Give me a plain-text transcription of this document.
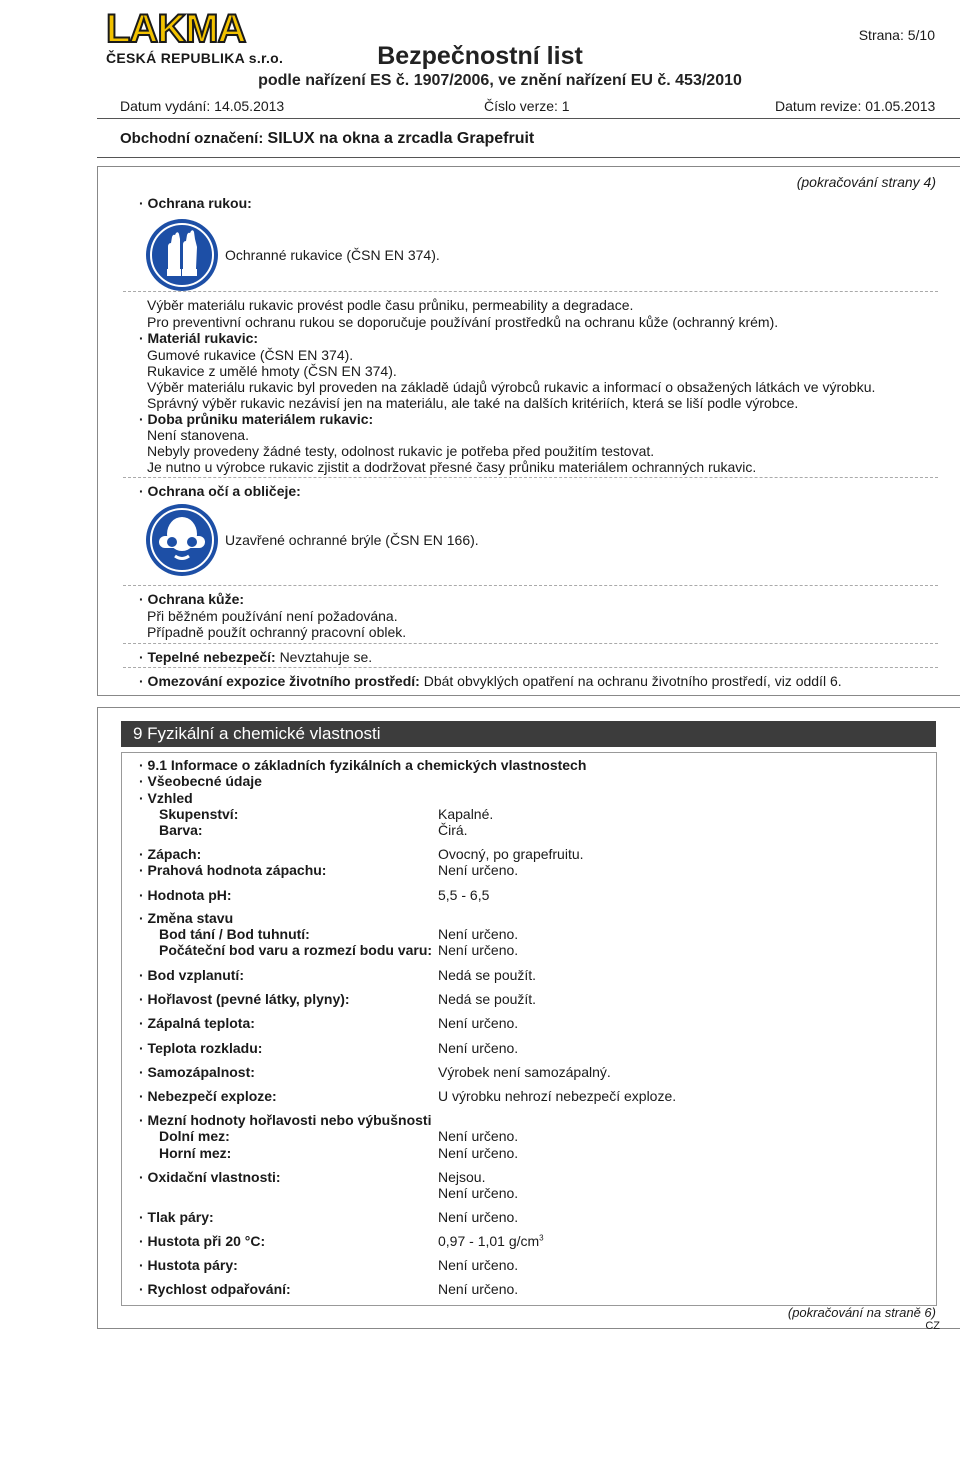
LAKMA
ČESKÁ REPUBLIKA s.r.o.	Bezpečnostní list
podle nařízení ES č. 1907/2006, ve znění nařízení EU č. 453/2010
Strana: 5/10
Datum vydání: 14.05.2013	Číslo verze: 1	Datum revize: 01.05.2013
Obchodní označení: SILUX na okna a zrcadla Grapefruit
(pokračování strany 4)
· Ochrana rukou:
Ochranné rukavice (ČSN EN 374).
Výběr materiálu rukavic provést podle času průniku, permeability a degradace.
Pro preventivní ochranu rukou se doporučuje používání prostředků na ochranu kůže (ochranný krém).
· Materiál rukavic:
Gumové rukavice (ČSN EN 374).
Rukavice z umělé hmoty (ČSN EN 374).
Výběr materiálu rukavic byl proveden na základě údajů výrobců rukavic a informací o obsažených látkách ve výrobku.
Správný výběr rukavic nezávisí jen na materiálu, ale také na dalších kritériích, která se liší podle výrobce.
· Doba průniku materiálem rukavic:
Není stanovena.
Nebyly provedeny žádné testy, odolnost rukavic je potřeba před použitím testovat.
Je nutno u výrobce rukavic zjistit a dodržovat přesné časy průniku materiálem ochranných rukavic.
· Ochrana očí a obličeje:
Uzavřené ochranné brýle (ČSN EN 166).
· Ochrana kůže:
Při běžném používání není požadována.
Případně použít ochranný pracovní oblek.
· Tepelné nebezpečí: Nevztahuje se.
· Omezování expozice životního prostředí: Dbát obvyklých opatření na ochranu životního prostředí, viz oddíl 6.
9 Fyzikální a chemické vlastnosti
· 9.1 Informace o základních fyzikálních a chemických vlastnostech
· Všeobecné údaje
· Vzhled
Skupenství:	Kapalné.
Barva:	Čirá.
· Zápach:	Ovocný, po grapefruitu.
· Prahová hodnota zápachu:	Není určeno.
· Hodnota pH:	5,5 - 6,5
· Změna stavu
Bod tání / Bod tuhnutí:	Není určeno.
Počáteční bod varu a rozmezí bodu varu: Není určeno.
· Bod vzplanutí:	Nedá se použít.
· Hořlavost (pevné látky, plyny):	Nedá se použít.
· Zápalná teplota:	Není určeno.
· Teplota rozkladu:	Není určeno.
· Samozápalnost:	Výrobek není samozápalný.
· Nebezpečí exploze:	U výrobku nehrozí nebezpečí exploze.
· Mezní hodnoty hořlavosti nebo výbušnosti
Dolní mez:	Není určeno.
Horní mez:	Není určeno.
· Oxidační vlastnosti:	Nejsou.
Není určeno.
· Tlak páry:	Není určeno.
· Hustota při 20 °C:	0,97 - 1,01 $g/cm^3$
· Hustota páry:	Není určeno.
· Rychlost odpařování:	Není určeno.
(pokračování na straně 6)
CZ
